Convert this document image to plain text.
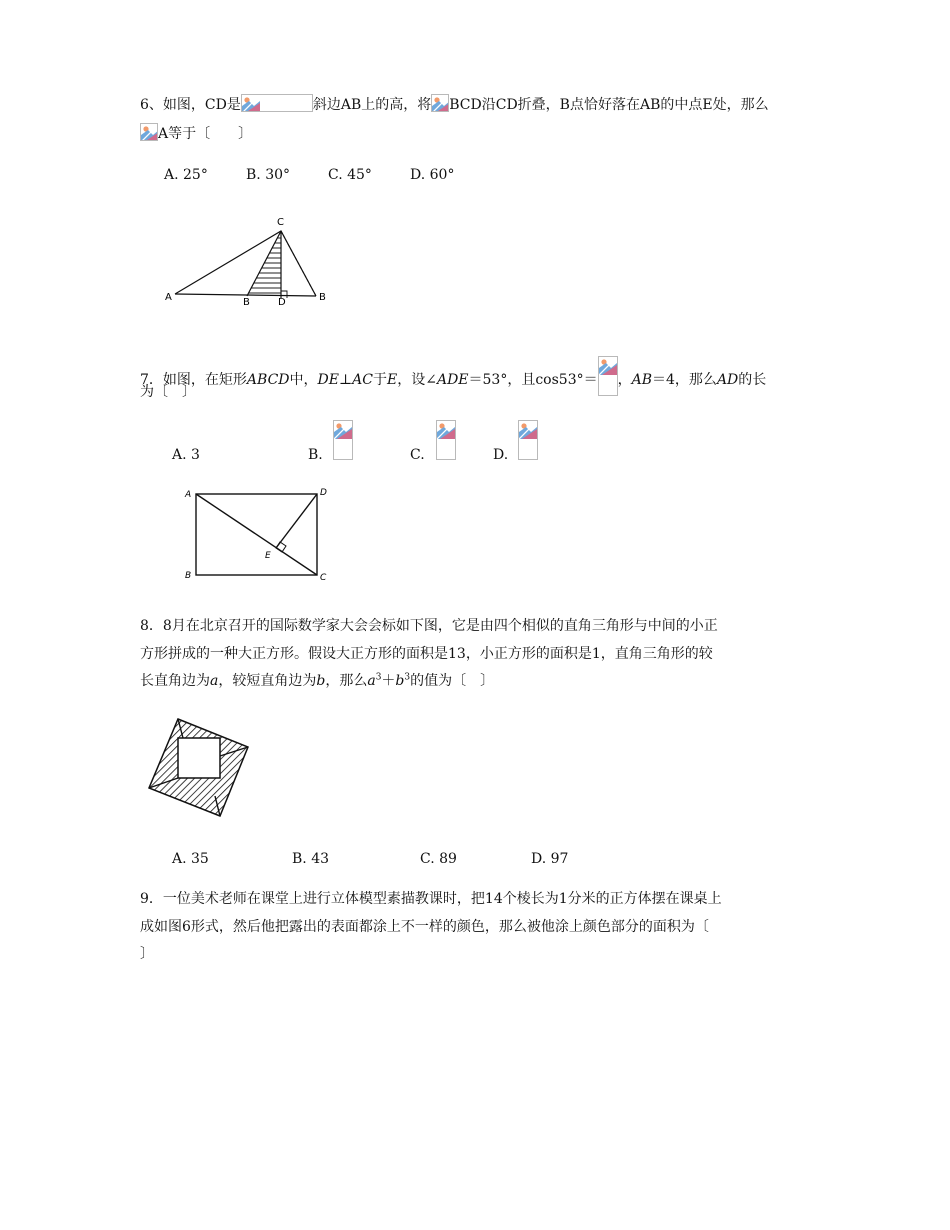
6、如图，CD是	斜边AB上的高，将 BCD沿CD折叠，B点恰好落在AB的中点E处，那么
A等于〔　　〕
A. 25°	B. 30°	C. 45°	D. 60°
C
A	B	D	B
7．如图，在矩形ABCD中，DE⊥AC于E，设∠ADE＝53°，且cos53°＝ ，AB＝4，那么AD的长
为〔　〕
A. 3	B.	C.	D.
A	D
E
B	C
8．8月在北京召开的国际数学家大会会标如下图，它是由四个相似的直角三角形与中间的小正
方形拼成的一种大正方形。假设大正方形的面积是13，小正方形的面积是1，直角三角形的较
长直角边为a，较短直角边为b，那么$a^3+b^3$的值为〔　〕
A. 35	B. 43	C. 89	D. 97
9．一位美术老师在课堂上进行立体模型素描教课时，把14个棱长为1分米的正方体摆在课桌上
成如图6形式，然后他把露出的表面都涂上不一样的颜色，那么被他涂上颜色部分的面积为〔
〕
